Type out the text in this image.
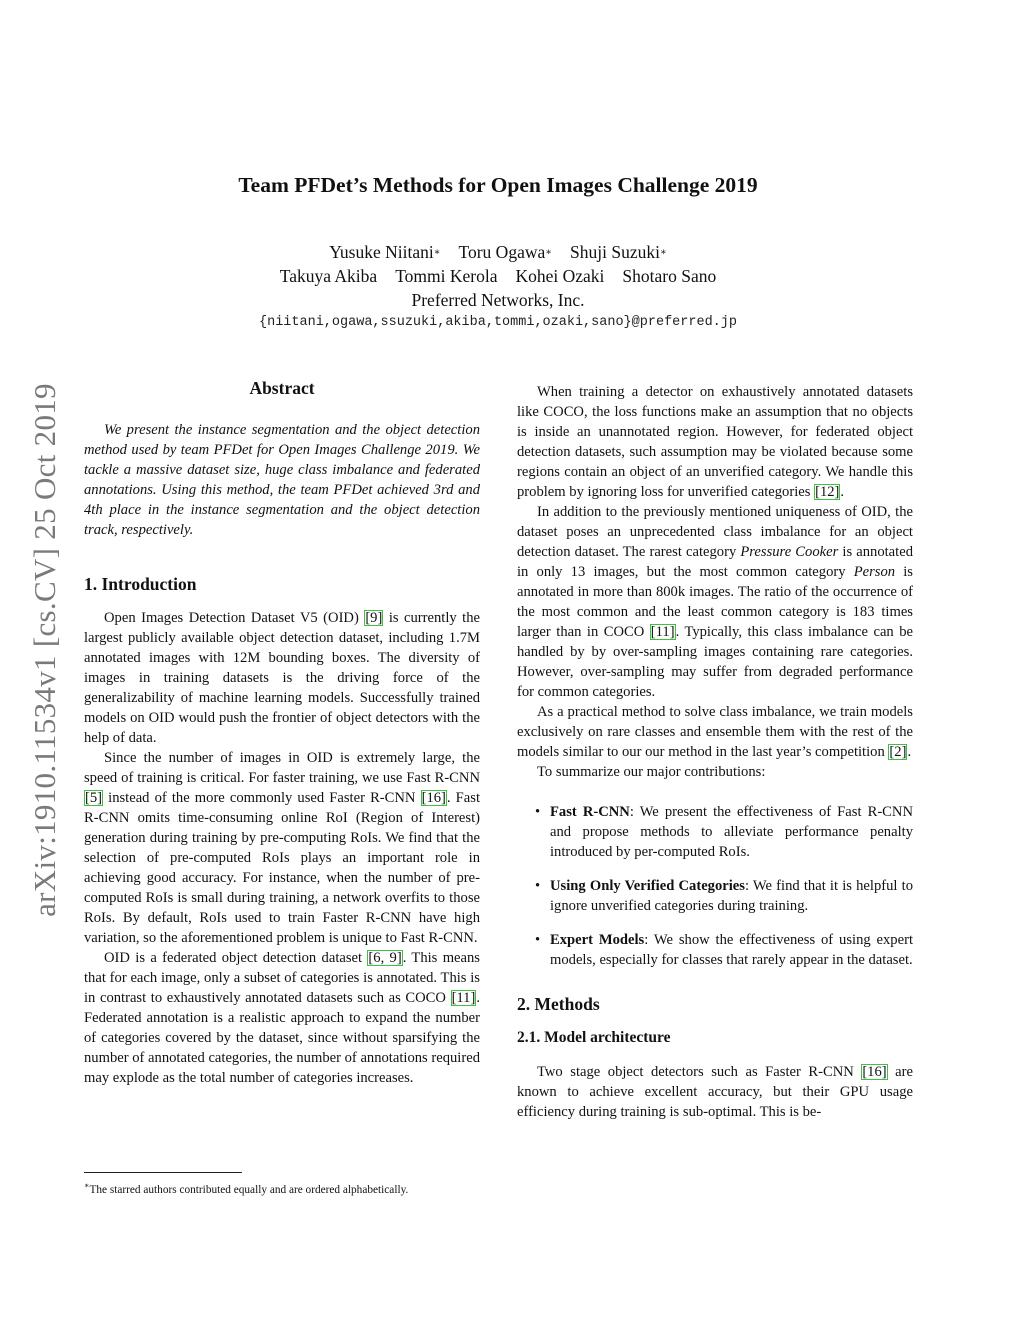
arXiv:1910.11534v1 [cs.CV] 25 Oct 2019
Team PFDet’s Methods for Open Images Challenge 2019
Yusuke Niitani∗ Toru Ogawa∗ Shuji Suzuki∗
Takuya Akiba Tommi Kerola Kohei Ozaki Shotaro Sano
Preferred Networks, Inc.
{niitani,ogawa,ssuzuki,akiba,tommi,ozaki,sano}@preferred.jp
Abstract

We present the instance segmentation and the object detection method used by team PFDet for Open Images Challenge 2019. We tackle a massive dataset size, huge class imbalance and federated annotations. Using this method, the team PFDet achieved 3rd and 4th place in the instance segmentation and the object detection track, respectively.

1. Introduction

Open Images Detection Dataset V5 (OID) [9] is currently the largest publicly available object detection dataset, including 1.7M annotated images with 12M bounding boxes. The diversity of images in training datasets is the driving force of the generalizability of machine learning models. Successfully trained models on OID would push the frontier of object detectors with the help of data.

Since the number of images in OID is extremely large, the speed of training is critical. For faster training, we use Fast R-CNN [5] instead of the more commonly used Faster R-CNN [16]. Fast R-CNN omits time-consuming online RoI (Region of Interest) generation during training by pre-computing RoIs. We find that the selection of pre-computed RoIs plays an important role in achieving good accuracy. For instance, when the number of pre-computed RoIs is small during training, a network overfits to those RoIs. By default, RoIs used to train Faster R-CNN have high variation, so the aforementioned problem is unique to Fast R-CNN.

OID is a federated object detection dataset [6, 9]. This means that for each image, only a subset of categories is annotated. This is in contrast to exhaustively annotated datasets such as COCO [11]. Federated annotation is a realistic approach to expand the number of categories covered by the dataset, since without sparsifying the number of annotated categories, the number of annotations required may explode as the total number of categories increases.

When training a detector on exhaustively annotated datasets like COCO, the loss functions make an assumption that no objects is inside an unannotated region. However, for federated object detection datasets, such assumption may be violated because some regions contain an object of an unverified category. We handle this problem by ignoring loss for unverified categories [12].

In addition to the previously mentioned uniqueness of OID, the dataset poses an unprecedented class imbalance for an object detection dataset. The rarest category Pressure Cooker is annotated in only 13 images, but the most common category Person is annotated in more than 800k images. The ratio of the occurrence of the most common and the least common category is 183 times larger than in COCO [11]. Typically, this class imbalance can be handled by by over-sampling images containing rare categories. However, over-sampling may suffer from degraded performance for common categories.

As a practical method to solve class imbalance, we train models exclusively on rare classes and ensemble them with the rest of the models similar to our our method in the last year’s competition [2].

To summarize our major contributions:

• Fast R-CNN: We present the effectiveness of Fast R-CNN and propose methods to alleviate performance penalty introduced by per-computed RoIs.
• Using Only Verified Categories: We find that it is helpful to ignore unverified categories during training.
• Expert Models: We show the effectiveness of using expert models, especially for classes that rarely appear in the dataset.
2. Methods
2.1. Model architecture

Two stage object detectors such as Faster R-CNN [16] are known to achieve excellent accuracy, but their GPU usage efficiency during training is sub-optimal. This is be-

∗The starred authors contributed equally and are ordered alphabetically.
